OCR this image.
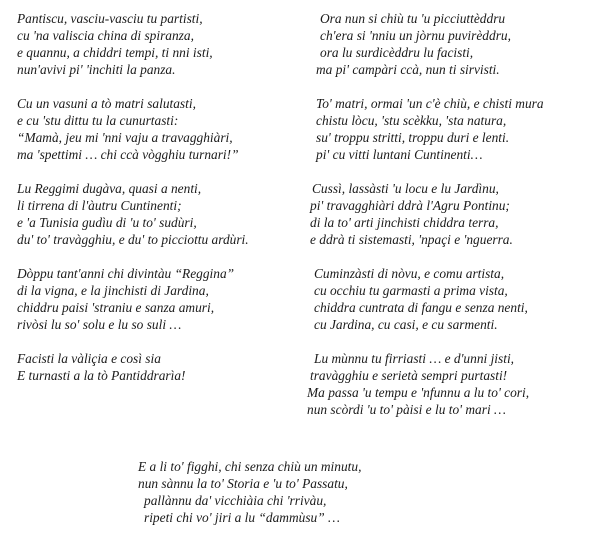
Pantiscu, vasciu-vasciu tu partisti,
cu 'na valiscia china di spiranza,
e quannu, a chiddri tempi, ti nni isti,
nun'avivi pi' 'inchiti la panza.
Cu un vasuni a tò matri salutasti,
e cu 'stu dittu tu la cunurtasti:
“Mamà, jeu mi 'nni vaju a travagghiàri,
ma 'spettimi … chi ccà vògghiu turnari!”
Lu Reggimi dugàva, quasi a nenti,
li tirrena di l'àutru Cuntinenti;
e 'a Tunisia gudìu di 'u to' sudùri,
du' to' travàgghiu, e du' to picciottu ardùri.
Dòppu tant'anni chi divintàu “Reggina”
di la vigna, e la jinchisti di Jardina,
chiddru paisi 'straniu e sanza amuri,
rivòsi lu so' solu e lu so suli …
Facisti la vàliçia e così sia
E turnasti a la tò Pantiddrarìa!
Ora nun si chiù tu 'u picciuttèddru
ch'era si 'nniu un jòrnu puvirèddru,
ora lu surdicèddru lu facisti,
ma pi' campàri ccà, nun ti sirvisti.
To' matri, ormai 'un c'è chiù, e chisti mura
chistu lòcu, 'stu scèkku, 'sta natura,
su' troppu stritti, troppu duri e lenti.
pi' cu vitti luntani Cuntinenti…
Cussì, lassàsti 'u locu e lu Jardìnu,
pi' travagghiàri ddrà l'Agru Pontinu;
di la to' arti jinchisti chiddra terra,
e ddrà ti sistemasti, 'npaçi e 'nguerra.
Cuminzàsti di nòvu, e comu artista,
cu occhiu tu garmasti a prima vista,
chiddra cuntrata di fangu e senza nenti,
cu Jardina, cu casi, e cu sarmenti.
Lu mùnnu tu firriasti … e d'unni jisti,
travàgghiu e serietà sempri purtasti!
Ma passa 'u tempu e 'nfunnu a lu to' cori,
nun scòrdi 'u to' pàisi e lu to' mari …
E a li to' figghi, chi senza chiù un minutu,
nun sànnu la to' Storia e 'u to' Passatu,
pallànnu da' vicchiàia chi 'rrivàu,
ripeti chi vo' jiri a lu “dammùsu” …
